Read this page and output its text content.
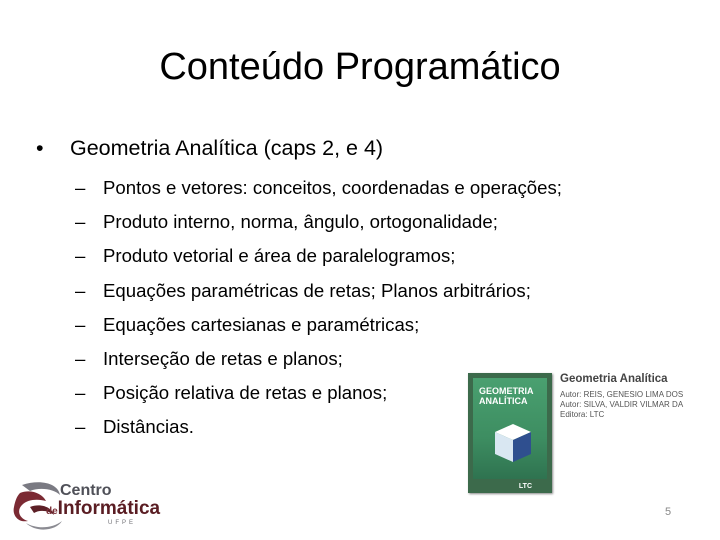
Conteúdo Programático
• Geometria Analítica (caps 2, e 4)
– Pontos e vetores: conceitos, coordenadas e operações;
– Produto interno, norma, ângulo, ortogonalidade;
– Produto vetorial e área de paralelogramos;
– Equações paramétricas de retas; Planos arbitrários;
– Equações cartesianas e paramétricas;
– Interseção de retas e planos;
– Posição relativa de retas e planos;
– Distâncias.
GEOMETRIA ANALÍTICA
LTC
Geometria Analítica
Autor: REIS, GENESIO LIMA DOS
Autor: SILVA, VALDIR VILMAR DA
Editora: LTC
Centro
deInformática
UFPE
5
